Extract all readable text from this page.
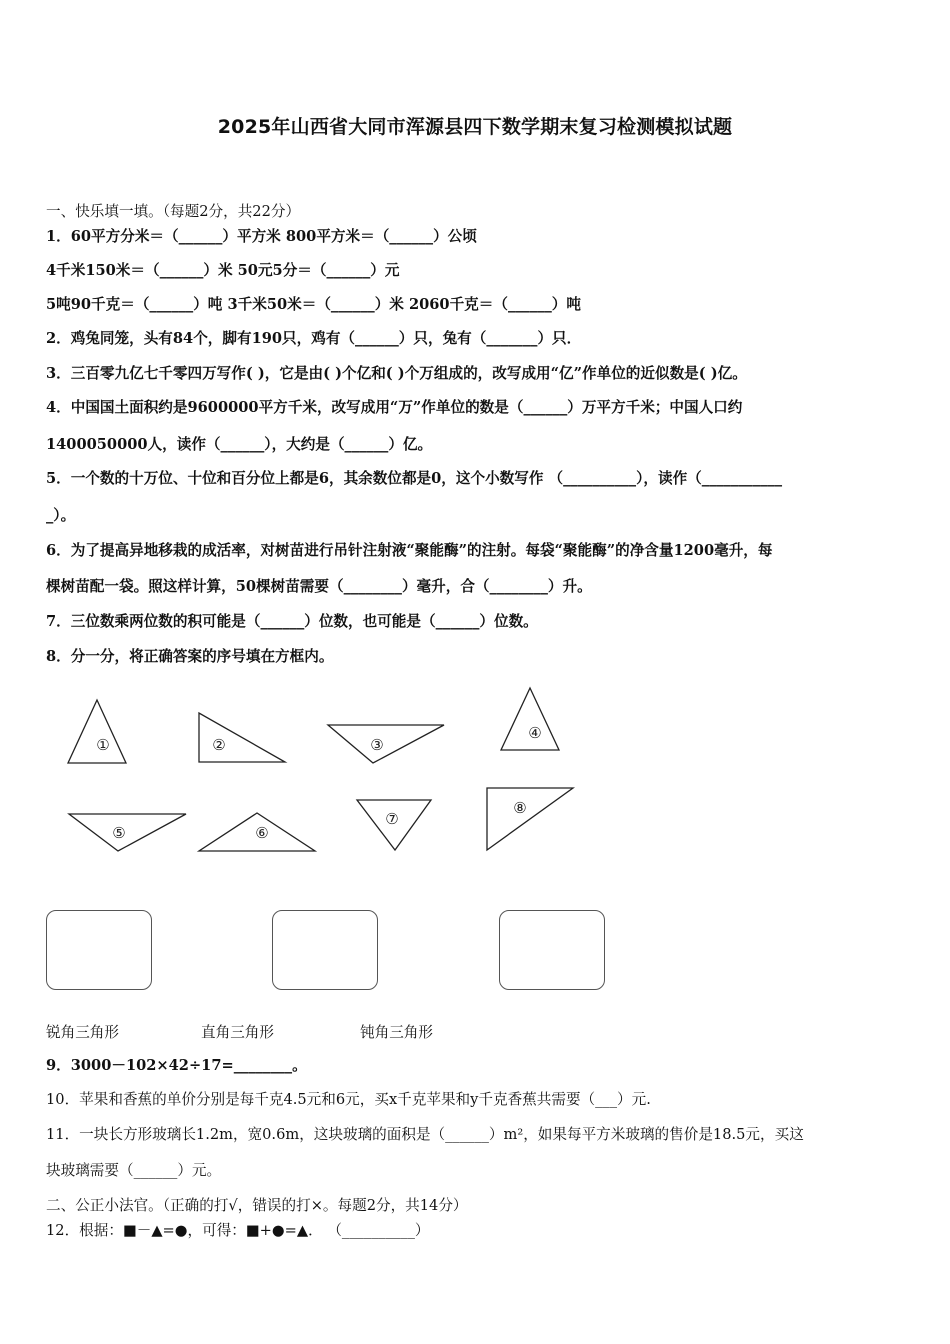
2025年山西省大同市浑源县四下数学期末复习检测模拟试题
一、快乐填一填。（每题2分，共22分）
1．60平方分米＝（______）平方米 800平方米＝（______）公顷
4千米150米＝（______）米 50元5分＝（______）元
5吨90千克＝（______）吨 3千米50米＝（______）米 2060千克＝（______）吨
2．鸡兔同笼，头有84个，脚有190只，鸡有（______）只，兔有（_______）只．
3．三百零九亿七千零四万写作( )，它是由( )个亿和( )个万组成的，改写成用“亿”作单位的近似数是( )亿。
4．中国国土面积约是9600000平方千米，改写成用“万”作单位的数是（______）万平方千米；中国人口约
1400050000人，读作（______），大约是（______）亿。
5．一个数的十万位、十位和百分位上都是6，其余数位都是0，这个小数写作 （__________），读作（___________
_）。
6．为了提高异地移栽的成活率，对树苗进行吊针注射液“聚能酶”的注射。每袋“聚能酶”的净含量1200毫升，每
棵树苗配一袋。照这样计算，50棵树苗需要（________）毫升，合（________）升。
7．三位数乘两位数的积可能是（______）位数，也可能是（______）位数。
8．分一分，将正确答案的序号填在方框内。
①	②	③
④
⑤	⑥
⑦
⑧
锐角三角形	直角三角形	钝角三角形
9．3000－102×42÷17=________。
10．苹果和香蕉的单价分别是每千克4.5元和6元，买x千克苹果和y千克香蕉共需要（___）元.
11．一块长方形玻璃长1.2m，宽0.6m，这块玻璃的面积是（______）m²，如果每平方米玻璃的售价是18.5元，买这
块玻璃需要（______）元。
二、公正小法官。（正确的打√，错误的打×。每题2分，共14分）
12．根据：■－▲=●，可得：■+●=▲． （__________）
